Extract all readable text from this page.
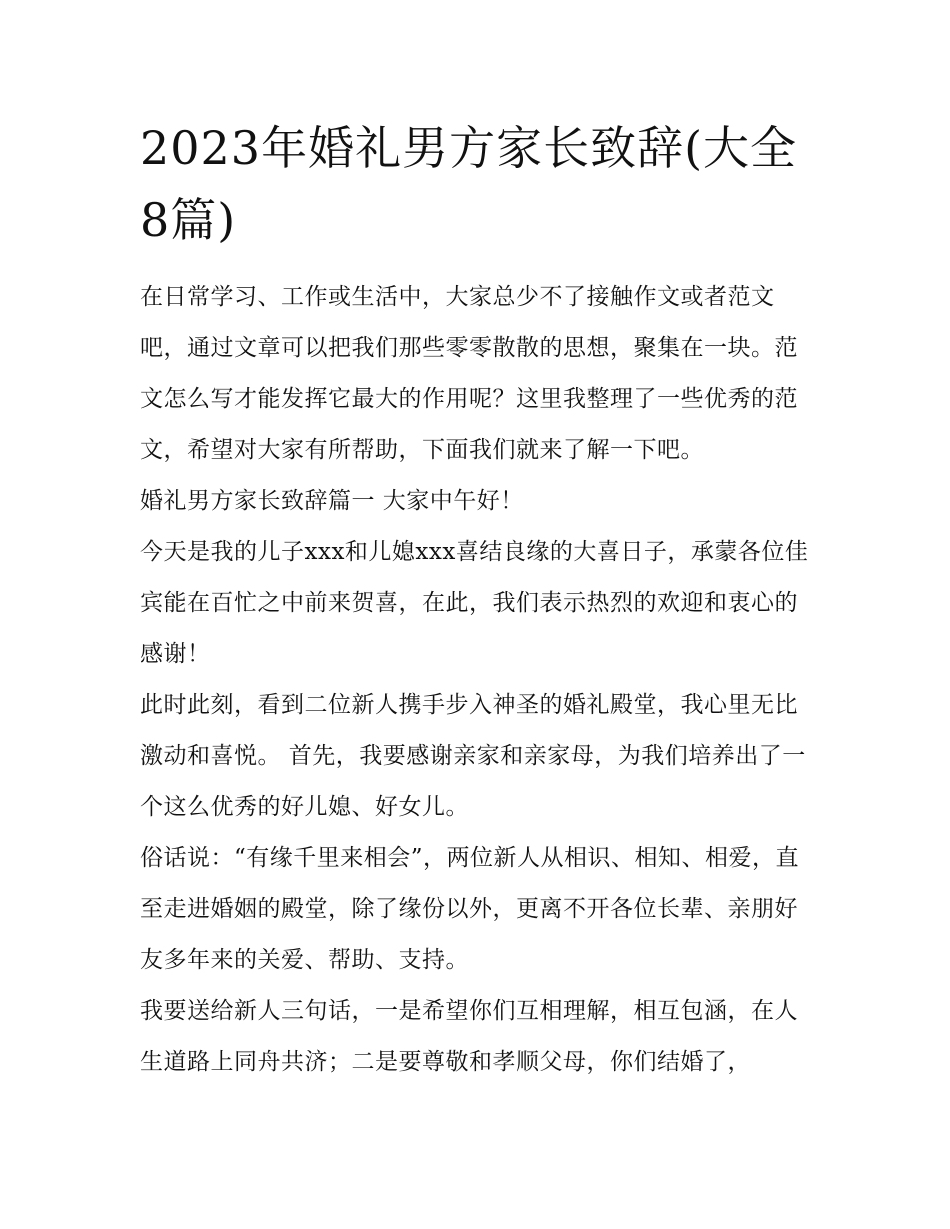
2023年婚礼男方家长致辞(大全8篇)

在日常学习、工作或生活中，大家总少不了接触作文或者范文吧，通过文章可以把我们那些零零散散的思想，聚集在一块。范文怎么写才能发挥它最大的作用呢？这里我整理了一些优秀的范文，希望对大家有所帮助，下面我们就来了解一下吧。

婚礼男方家长致辞篇一 大家中午好！

今天是我的儿子xxx和儿媳xxx喜结良缘的大喜日子，承蒙各位佳宾能在百忙之中前来贺喜，在此，我们表示热烈的欢迎和衷心的感谢！

此时此刻，看到二位新人携手步入神圣的婚礼殿堂，我心里无比激动和喜悦。 首先，我要感谢亲家和亲家母，为我们培养出了一个这么优秀的好儿媳、好女儿。

俗话说：“有缘千里来相会”，两位新人从相识、相知、相爱，直至走进婚姻的殿堂，除了缘份以外，更离不开各位长辈、亲朋好友多年来的关爱、帮助、支持。

我要送给新人三句话，一是希望你们互相理解，相互包涵，在人生道路上同舟共济；二是要尊敬和孝顺父母，你们结婚了，
